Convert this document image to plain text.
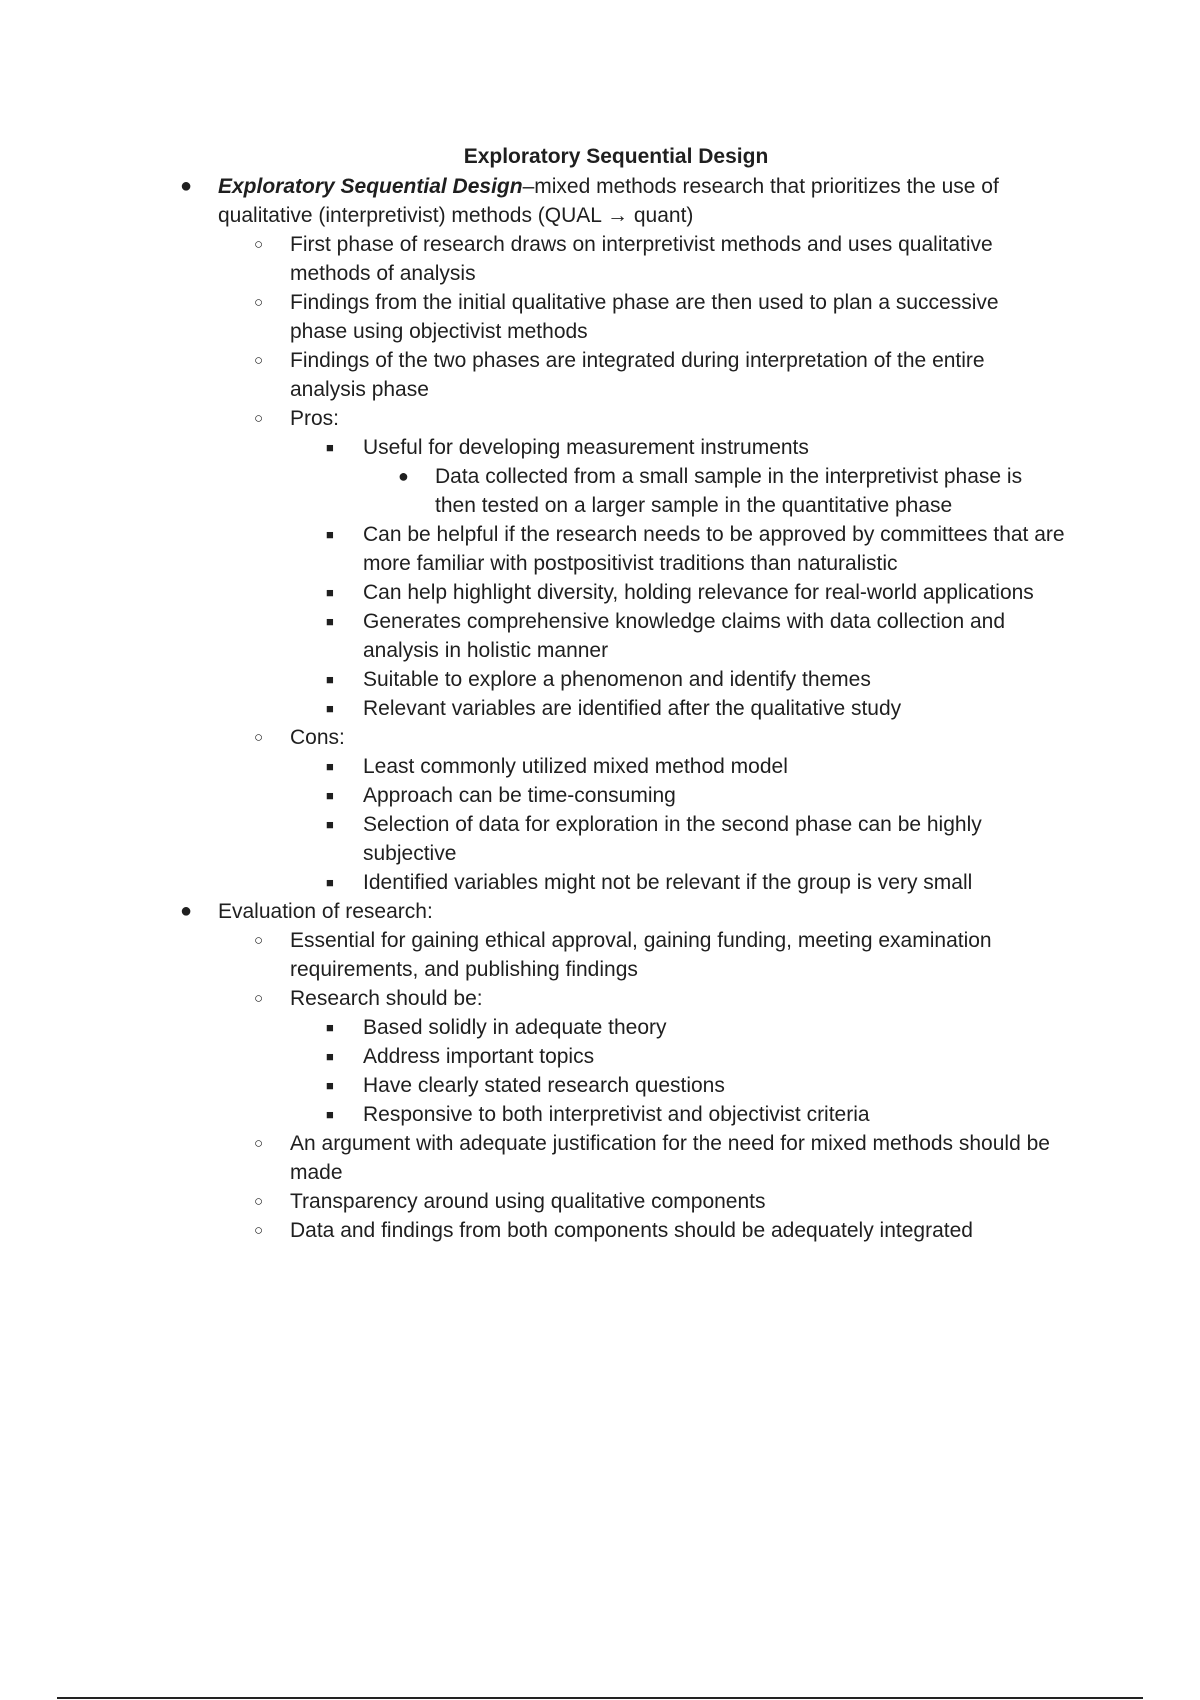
Exploratory Sequential Design
● Exploratory Sequential Design–mixed methods research that prioritizes the use of qualitative (interpretivist) methods (QUAL → quant)
○ First phase of research draws on interpretivist methods and uses qualitative methods of analysis
○ Findings from the initial qualitative phase are then used to plan a successive phase using objectivist methods
○ Findings of the two phases are integrated during interpretation of the entire analysis phase
○ Pros:
■ Useful for developing measurement instruments
● Data collected from a small sample in the interpretivist phase is then tested on a larger sample in the quantitative phase
■ Can be helpful if the research needs to be approved by committees that are more familiar with postpositivist traditions than naturalistic
■ Can help highlight diversity, holding relevance for real-world applications
■ Generates comprehensive knowledge claims with data collection and analysis in holistic manner
■ Suitable to explore a phenomenon and identify themes
■ Relevant variables are identified after the qualitative study
○ Cons:
■ Least commonly utilized mixed method model
■ Approach can be time-consuming
■ Selection of data for exploration in the second phase can be highly subjective
■ Identified variables might not be relevant if the group is very small
● Evaluation of research:
○ Essential for gaining ethical approval, gaining funding, meeting examination requirements, and publishing findings
○ Research should be:
■ Based solidly in adequate theory
■ Address important topics
■ Have clearly stated research questions
■ Responsive to both interpretivist and objectivist criteria
○ An argument with adequate justification for the need for mixed methods should be made
○ Transparency around using qualitative components
○ Data and findings from both components should be adequately integrated
